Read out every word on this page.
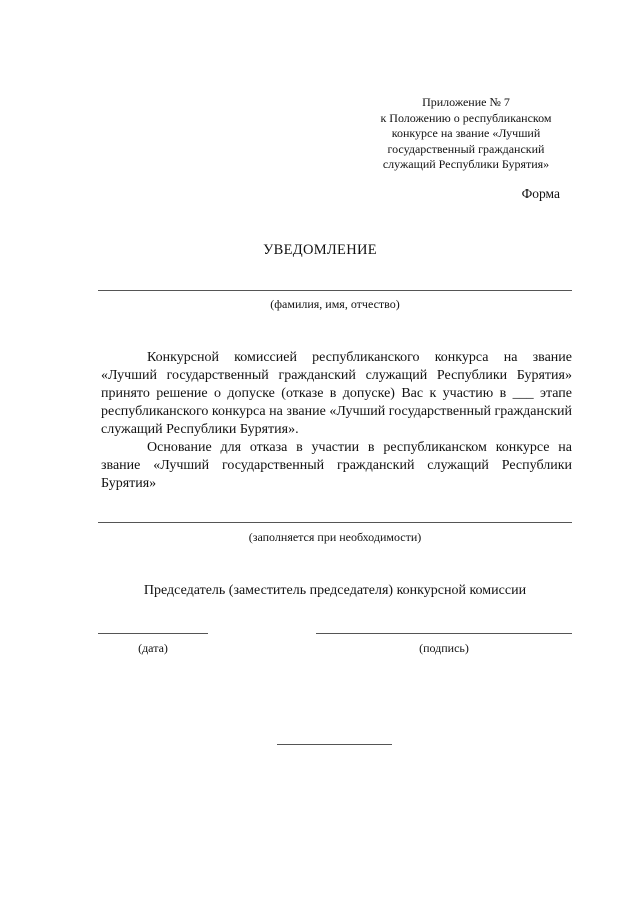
Приложение № 7
к Положению о республиканском
конкурсе на звание «Лучший
государственный гражданский
служащий Республики Бурятия»
Форма
УВЕДОМЛЕНИЕ
(фамилия, имя, отчество)

Конкурсной комиссией республиканского конкурса на звание «Лучший государственный гражданский служащий Республики Бурятия» принято решение о допуске (отказе в допуске) Вас к участию в ___ этапе республиканского конкурса на звание «Лучший государственный гражданский служащий Республики Бурятия».

Основание для отказа в участии в республиканском конкурсе на звание «Лучший государственный гражданский служащий Республики Бурятия»

(заполняется при необходимости)
Председатель (заместитель председателя) конкурсной комиссии
(дата)	(подпись)
